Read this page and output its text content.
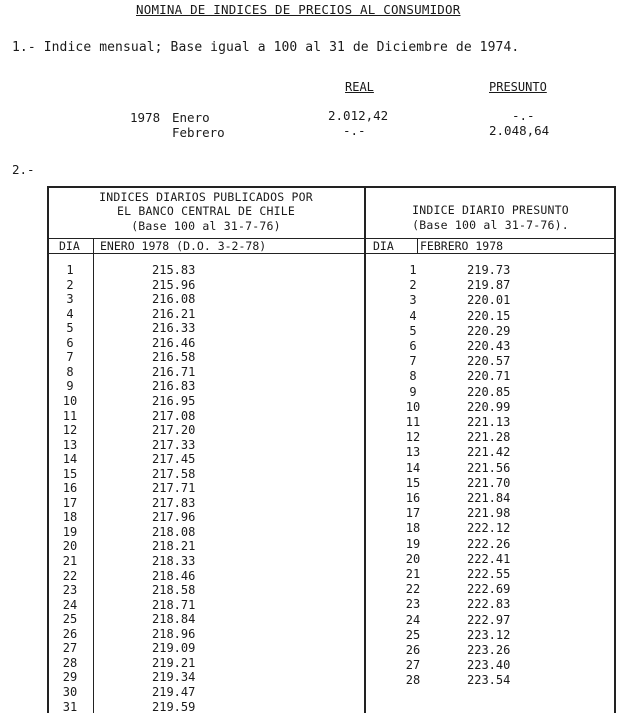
NOMINA DE INDICES DE PRECIOS AL CONSUMIDOR
1.- Indice mensual; Base igual a 100 al 31 de Diciembre de 1974.
REAL	PRESUNTO
1978 Enero	2.012,42	-.-
Febrero	-.-	2.048,64
2.-
INDICES DIARIOS PUBLICADOS POR
EL BANCO CENTRAL DE CHILE
(Base 100 al 31-7-76)
INDICE DIARIO PRESUNTO
(Base 100 al 31-7-76).
DIA ENERO 1978 (D.O. 3-2-78)	DIA FEBRERO 1978
1	215.83
2	215.96
3	216.08
4	216.21
5	216.33
6	216.46
7	216.58
8	216.71
9	216.83
10	216.95
11	217.08
12	217.20
13	217.33
14	217.45
15	217.58
16	217.71
17	217.83
18	217.96
19	218.08
20	218.21
21	218.33
22	218.46
23	218.58
24	218.71
25	218.84
26	218.96
27	219.09
28	219.21
29	219.34
30	219.47
31	219.59
1	219.73
2	219.87
3	220.01
4	220.15
5	220.29
6	220.43
7	220.57
8	220.71
9	220.85
10	220.99
11	221.13
12	221.28
13	221.42
14	221.56
15	221.70
16	221.84
17	221.98
18	222.12
19	222.26
20	222.41
21	222.55
22	222.69
23	222.83
24	222.97
25	223.12
26	223.26
27	223.40
28	223.54
